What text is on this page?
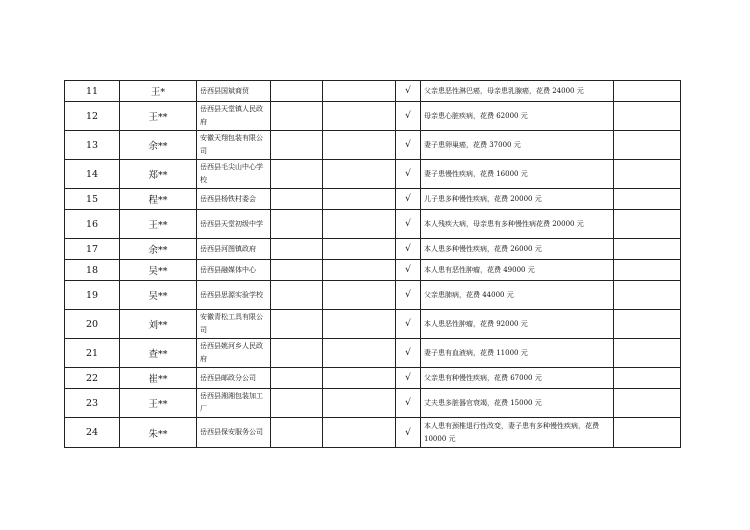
11	王*	岳西县国斌商贸			√	父亲患恶性淋巴癌，母亲患乳腺癌，花费 24000 元	
12	王**	岳西县天堂镇人民政府			√	母亲患心脏疾病，花费 62000 元	
13	余**	安徽天翔包装有限公司			√	妻子患卵巢癌，花费 37000 元	
14	郑**	岳西县毛尖山中心学校			√	妻子患慢性疾病，花费 16000 元	
15	程**	岳西县杨铁村委会			√	儿子患多种慢性疾病，花费 20000 元	
16	王**	岳西县天堂初级中学			√	本人残疾大病，母亲患有多种慢性病花费 20000 元	
17	余**	岳西县河图镇政府			√	本人患多种慢性疾病，花费 26000 元	
18	吴**	岳西县融媒体中心			√	本人患有恶性肿瘤，花费 49000 元	
19	吴**	岳西县思源实验学校			√	父亲患肺病，花费 44000 元	
20	刘**	安徽青松工具有限公司			√	本人患恶性肿瘤，花费 92000 元	
21	查**	岳西县姚河乡人民政府			√	妻子患有血液病，花费 11000 元	
22	崔**	岳西县邮政分公司			√	父亲患有种慢性疾病，花费 67000 元	
23	王**	岳西县湘湘包装加工厂			√	丈夫患多脏器官衰竭，花费 15000 元	
24	朱**	岳西县保安服务公司			√	本人患有颈椎退行性改变，妻子患有多种慢性疾病，花费 10000 元	
